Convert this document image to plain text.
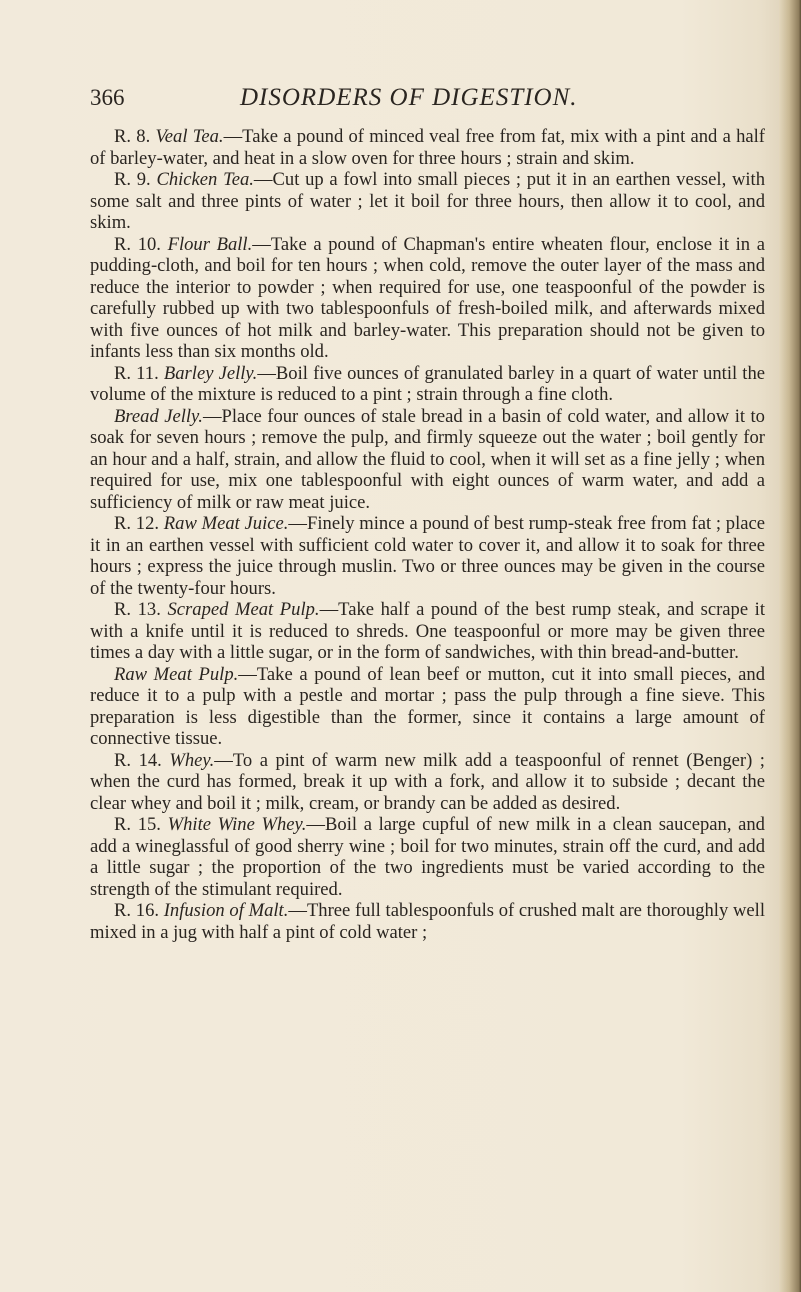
366	DISORDERS OF DIGESTION.

R. 8. Veal Tea.—Take a pound of minced veal free from fat, mix with a pint and a half of barley-water, and heat in a slow oven for three hours ; strain and skim.

R. 9. Chicken Tea.—Cut up a fowl into small pieces ; put it in an earthen vessel, with some salt and three pints of water ; let it boil for three hours, then allow it to cool, and skim.

R. 10. Flour Ball.—Take a pound of Chapman's entire wheaten flour, enclose it in a pudding-cloth, and boil for ten hours ; when cold, remove the outer layer of the mass and reduce the interior to powder ; when required for use, one teaspoonful of the powder is carefully rubbed up with two tablespoonfuls of fresh-boiled milk, and afterwards mixed with five ounces of hot milk and barley-water. This preparation should not be given to infants less than six months old.

R. 11. Barley Jelly.—Boil five ounces of granulated barley in a quart of water until the volume of the mixture is reduced to a pint ; strain through a fine cloth.

Bread Jelly.—Place four ounces of stale bread in a basin of cold water, and allow it to soak for seven hours ; remove the pulp, and firmly squeeze out the water ; boil gently for an hour and a half, strain, and allow the fluid to cool, when it will set as a fine jelly ; when required for use, mix one tablespoonful with eight ounces of warm water, and add a sufficiency of milk or raw meat juice.

R. 12. Raw Meat Juice.—Finely mince a pound of best rump-steak free from fat ; place it in an earthen vessel with sufficient cold water to cover it, and allow it to soak for three hours ; express the juice through muslin. Two or three ounces may be given in the course of the twenty-four hours.

R. 13. Scraped Meat Pulp.—Take half a pound of the best rump steak, and scrape it with a knife until it is reduced to shreds. One teaspoonful or more may be given three times a day with a little sugar, or in the form of sandwiches, with thin bread-and-butter.

Raw Meat Pulp.—Take a pound of lean beef or mutton, cut it into small pieces, and reduce it to a pulp with a pestle and mortar ; pass the pulp through a fine sieve. This preparation is less digestible than the former, since it contains a large amount of connective tissue.

R. 14. Whey.—To a pint of warm new milk add a teaspoonful of rennet (Benger) ; when the curd has formed, break it up with a fork, and allow it to subside ; decant the clear whey and boil it ; milk, cream, or brandy can be added as desired.

R. 15. White Wine Whey.—Boil a large cupful of new milk in a clean saucepan, and add a wineglassful of good sherry wine ; boil for two minutes, strain off the curd, and add a little sugar ; the proportion of the two ingredients must be varied according to the strength of the stimulant required.

R. 16. Infusion of Malt.—Three full tablespoonfuls of crushed malt are thoroughly well mixed in a jug with half a pint of cold water ;
